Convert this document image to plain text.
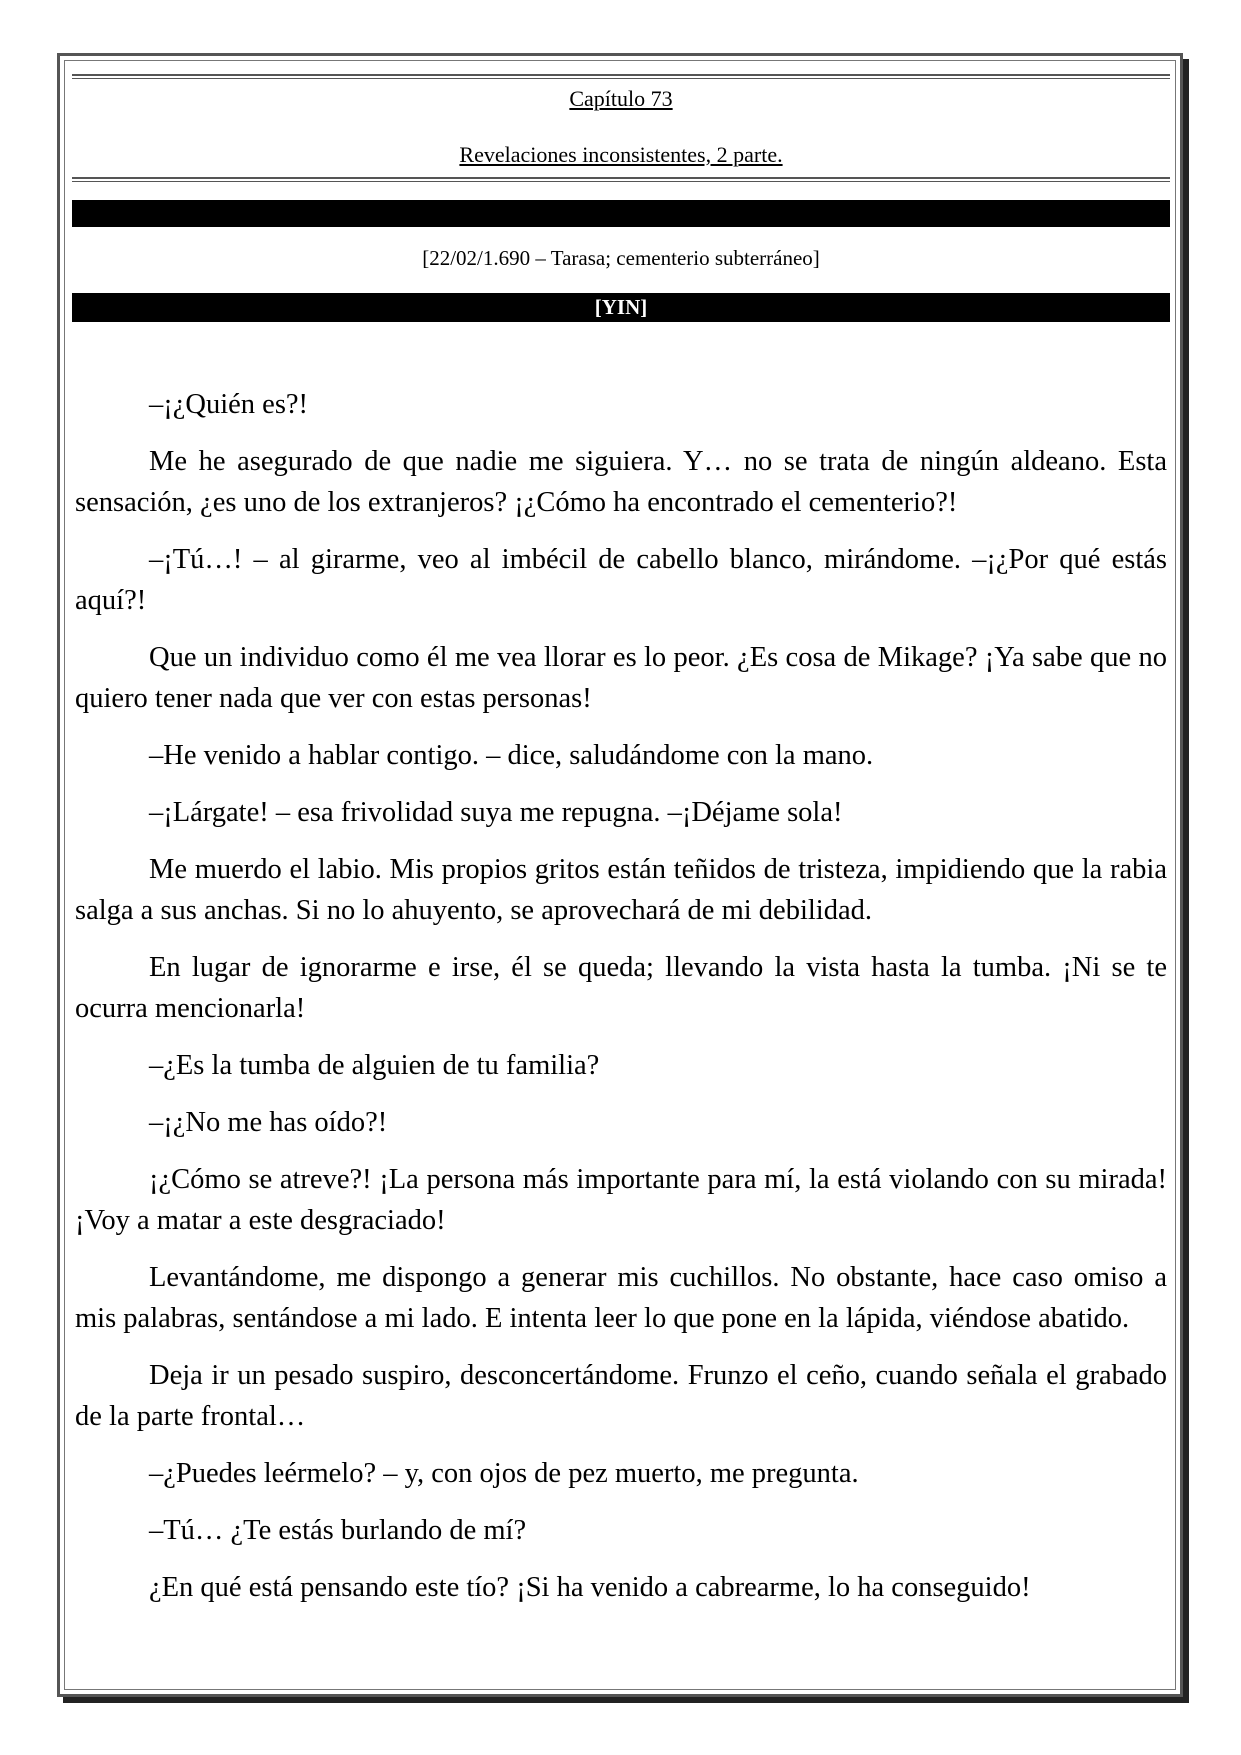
Capítulo 73
Revelaciones inconsistentes, 2 parte.
[22/02/1.690 – Tarasa; cementerio subterráneo]
[YIN]

–¡¿Quién es?!

Me he asegurado de que nadie me siguiera. Y… no se trata de ningún aldeano. Esta sensación, ¿es uno de los extranjeros? ¡¿Cómo ha encontrado el cementerio?!

–¡Tú…! – al girarme, veo al imbécil de cabello blanco, mirándome. –¡¿Por qué estás aquí?!

Que un individuo como él me vea llorar es lo peor. ¿Es cosa de Mikage? ¡Ya sabe que no quiero tener nada que ver con estas personas!

–He venido a hablar contigo. – dice, saludándome con la mano.

–¡Lárgate! – esa frivolidad suya me repugna. –¡Déjame sola!

Me muerdo el labio. Mis propios gritos están teñidos de tristeza, impidiendo que la rabia salga a sus anchas. Si no lo ahuyento, se aprovechará de mi debilidad.

En lugar de ignorarme e irse, él se queda; llevando la vista hasta la tumba. ¡Ni se te ocurra mencionarla!

–¿Es la tumba de alguien de tu familia?

–¡¿No me has oído?!

¡¿Cómo se atreve?! ¡La persona más importante para mí, la está violando con su mirada! ¡Voy a matar a este desgraciado!

Levantándome, me dispongo a generar mis cuchillos. No obstante, hace caso omiso a mis palabras, sentándose a mi lado. E intenta leer lo que pone en la lápida, viéndose abatido.

Deja ir un pesado suspiro, desconcertándome. Frunzo el ceño, cuando señala el grabado de la parte frontal…

–¿Puedes leérmelo? – y, con ojos de pez muerto, me pregunta.

–Tú… ¿Te estás burlando de mí?

¿En qué está pensando este tío? ¡Si ha venido a cabrearme, lo ha conseguido!
